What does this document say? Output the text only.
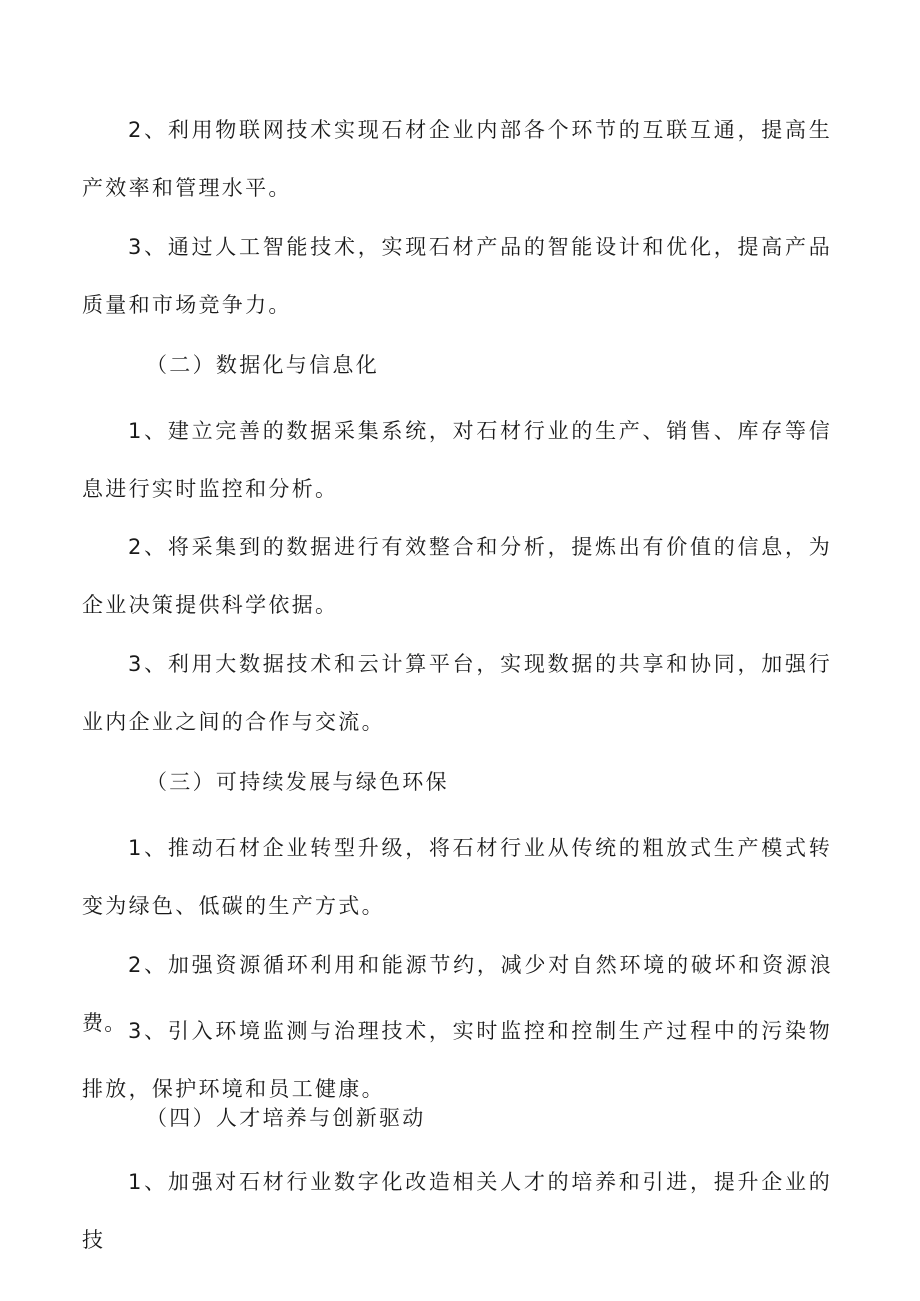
2、利用物联网技术实现石材企业内部各个环节的互联互通，提高生产效率和管理水平。

3、通过人工智能技术，实现石材产品的智能设计和优化，提高产品质量和市场竞争力。

（二）数据化与信息化

1、建立完善的数据采集系统，对石材行业的生产、销售、库存等信息进行实时监控和分析。

2、将采集到的数据进行有效整合和分析，提炼出有价值的信息，为企业决策提供科学依据。

3、利用大数据技术和云计算平台，实现数据的共享和协同，加强行业内企业之间的合作与交流。

（三）可持续发展与绿色环保

1、推动石材企业转型升级，将石材行业从传统的粗放式生产模式转变为绿色、低碳的生产方式。

2、加强资源循环利用和能源节约，减少对自然环境的破坏和资源浪费。 3、引入环境监测与治理技术，实时监控和控制生产过程中的污染物排放，保护环境和员工健康。

（四）人才培养与创新驱动

1、加强对石材行业数字化改造相关人才的培养和引进，提升企业的技
